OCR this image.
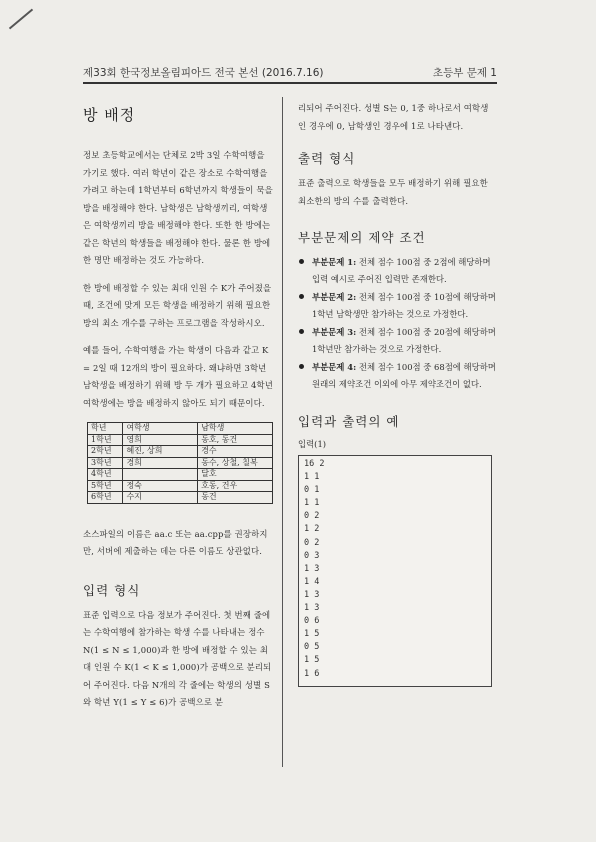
제33회 한국정보올림피아드 전국 본선 (2016.7.16)	초등부 문제 1
방 배정

정보 초등학교에서는 단체로 2박 3일 수학여행을 가기로 했다. 여러 학년이 같은 장소로 수학여행을 가려고 하는데 1학년부터 6학년까지 학생들이 묵을 방을 배정해야 한다. 남학생은 남학생끼리, 여학생은 여학생끼리 방을 배정해야 한다. 또한 한 방에는 같은 학년의 학생들을 배정해야 한다. 물론 한 방에 한 명만 배정하는 것도 가능하다.

한 방에 배정할 수 있는 최대 인원 수 K가 주어졌을 때, 조건에 맞게 모든 학생을 배정하기 위해 필요한 방의 최소 개수를 구하는 프로그램을 작성하시오.

예를 들어, 수학여행을 가는 학생이 다음과 같고 K = 2일 때 12개의 방이 필요하다. 왜냐하면 3학년 남학생을 배정하기 위해 방 두 개가 필요하고 4학년 여학생에는 방을 배정하지 않아도 되기 때문이다.

학년	여학생	남학생
1학년	영희	동호, 동건
2학년	혜진, 상희	경수
3학년	경희	동수, 상철, 칠복
4학년		달호
5학년	정숙	호동, 건우
6학년	수지	동건

소스파일의 이름은 aa.c 또는 aa.cpp를 권장하지만, 서버에 제출하는 데는 다른 이름도 상관없다.

입력 형식

표준 입력으로 다음 정보가 주어진다. 첫 번째 줄에는 수학여행에 참가하는 학생 수를 나타내는 정수 N(1 ≤ N ≤ 1,000)과 한 방에 배정할 수 있는 최대 인원 수 K(1 < K ≤ 1,000)가 공백으로 분리되어 주어진다. 다음 N개의 각 줄에는 학생의 성별 S와 학년 Y(1 ≤ Y ≤ 6)가 공백으로 분

리되어 주어진다. 성별 S는 0, 1중 하나로서 여학생인 경우에 0, 남학생인 경우에 1로 나타낸다.

출력 형식

표준 출력으로 학생들을 모두 배정하기 위해 필요한 최소한의 방의 수를 출력한다.

부분문제의 제약 조건
부분문제 1: 전체 점수 100점 중 2점에 해당하며 입력 예시로 주어진 입력만 존재한다.
부분문제 2: 전체 점수 100점 중 10점에 해당하며 1학년 남학생만 참가하는 것으로 가정한다.
부분문제 3: 전체 점수 100점 중 20점에 해당하며 1학년만 참가하는 것으로 가정한다.
부분문제 4: 전체 점수 100점 중 68점에 해당하며 원래의 제약조건 이외에 아무 제약조건이 없다.
입력과 출력의 예
입력(1)
16 2
1 1
0 1
1 1
0 2
1 2
0 2
0 3
1 3
1 4
1 3
1 3
0 6
1 5
0 5
1 5
1 6
